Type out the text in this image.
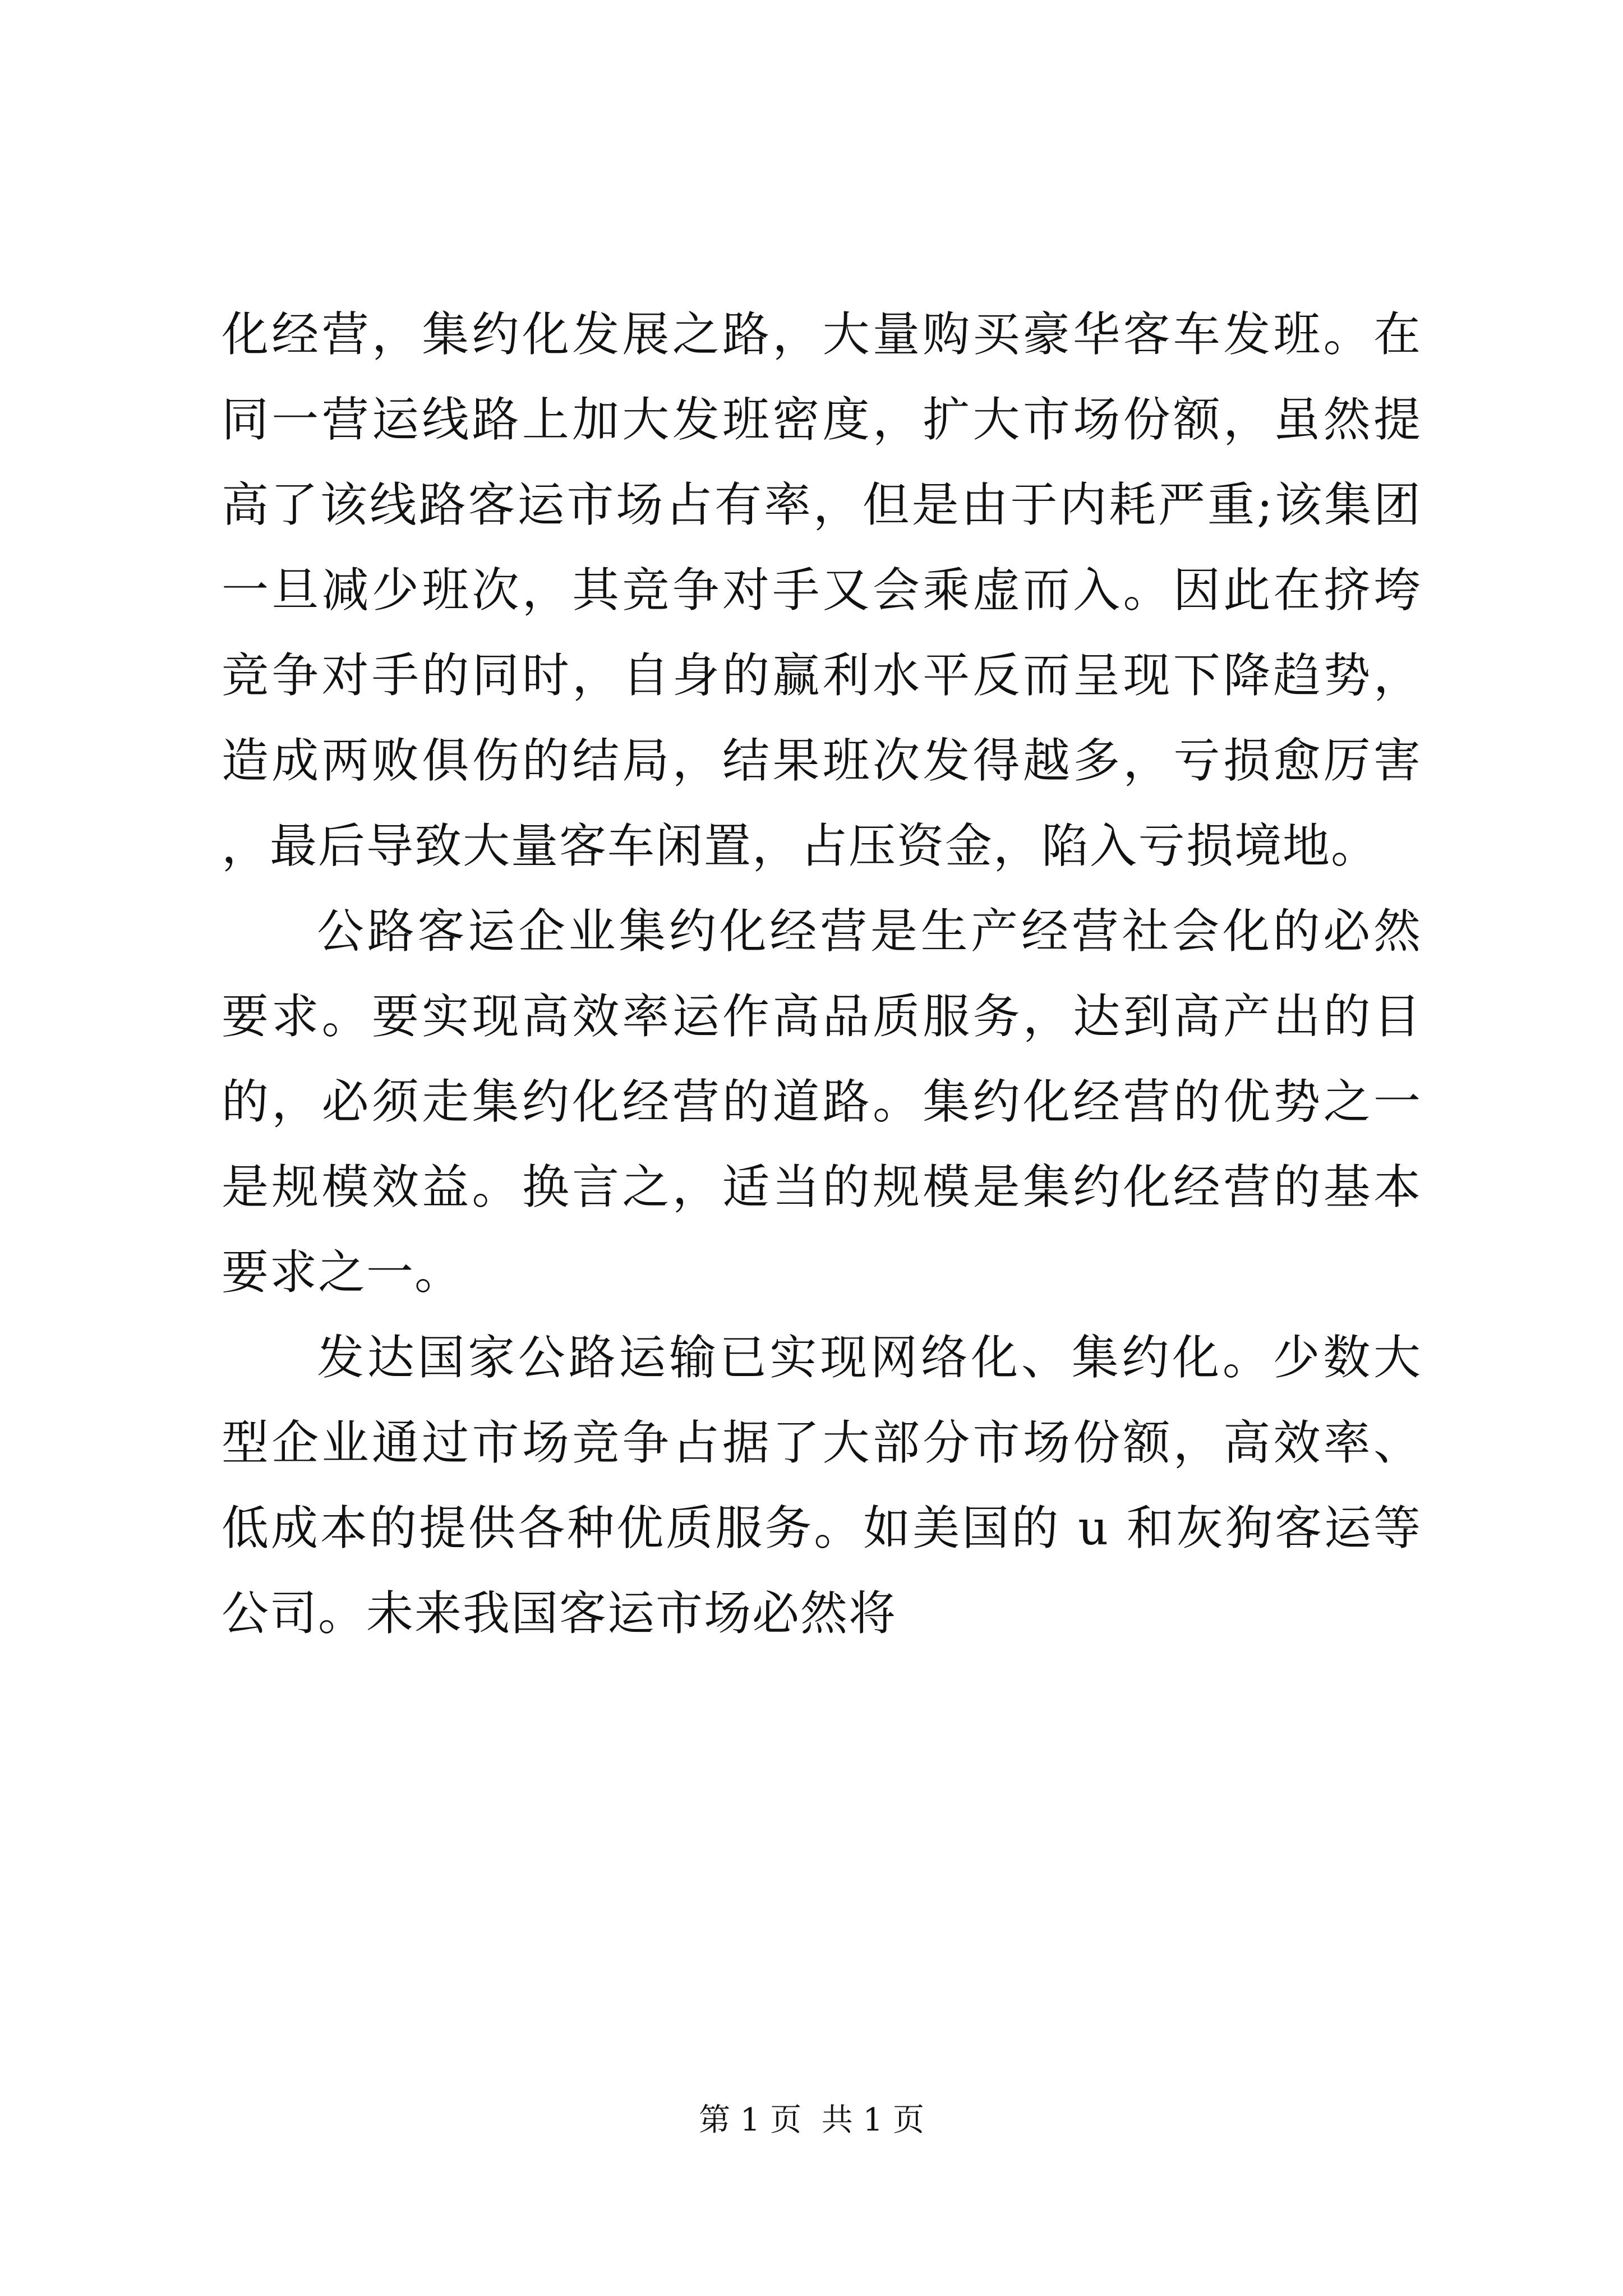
化经营，集约化发展之路，大量购买豪华客车发班。在同一营运线路上加大发班密度，扩大市场份额，虽然提高了该线路客运市场占有率，但是由于内耗严重;该集团一旦减少班次，其竞争对手又会乘虚而入。因此在挤垮竞争对手的同时，自身的赢利水平反而呈现下降趋势，造成两败俱伤的结局，结果班次发得越多，亏损愈厉害，最后导致大量客车闲置，占压资金，陷入亏损境地。

公路客运企业集约化经营是生产经营社会化的必然要求。要实现高效率运作高品质服务，达到高产出的目的，必须走集约化经营的道路。集约化经营的优势之一是规模效益。换言之，适当的规模是集约化经营的基本要求之一。

发达国家公路运输已实现网络化、集约化。少数大型企业通过市场竞争占据了大部分市场份额，高效率、低成本的提供各种优质服务。如美国的 u 和灰狗客运等公司。未来我国客运市场必然将

第 1 页  共 1 页
